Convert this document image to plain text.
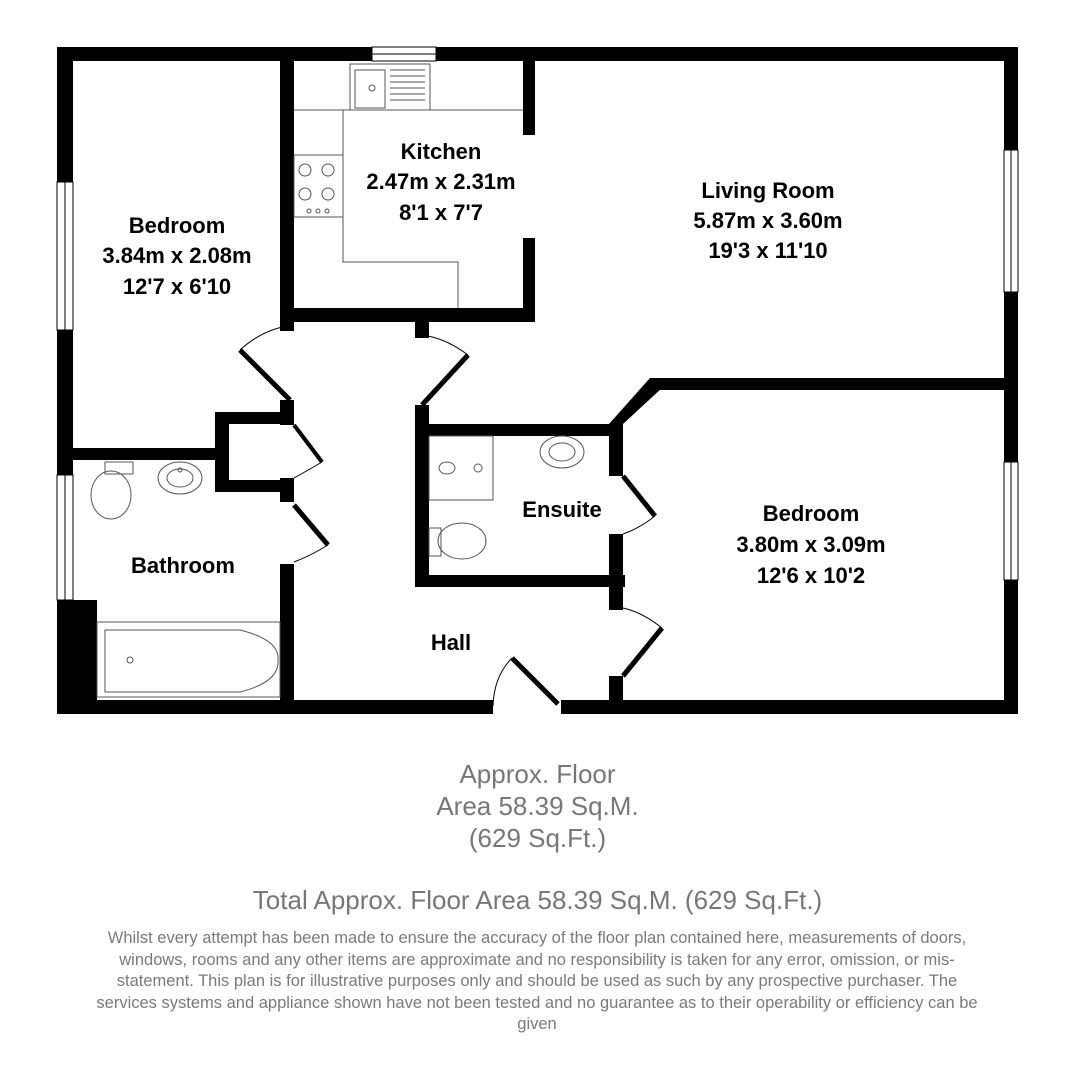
Bedroom
3.84m x 2.08m
12'7 x 6'10
Kitchen
2.47m x 2.31m
8'1 x 7'7
Living Room
5.87m x 3.60m
19'3 x 11'10
Bathroom
Ensuite	Bedroom
3.80m x 3.09m
12'6 x 10'2
Hall
Approx. Floor
Area 58.39 Sq.M.
(629 Sq.Ft.)
Total Approx. Floor Area 58.39 Sq.M. (629 Sq.Ft.)
Whilst every attempt has been made to ensure the accuracy of the floor plan contained here, measurements of doors, windows, rooms and any other items are approximate and no responsibility is taken for any error, omission, or mis-statement. This plan is for illustrative purposes only and should be used as such by any prospective purchaser. The services systems and appliance shown have not been tested and no guarantee as to their operability or efficiency can be given
